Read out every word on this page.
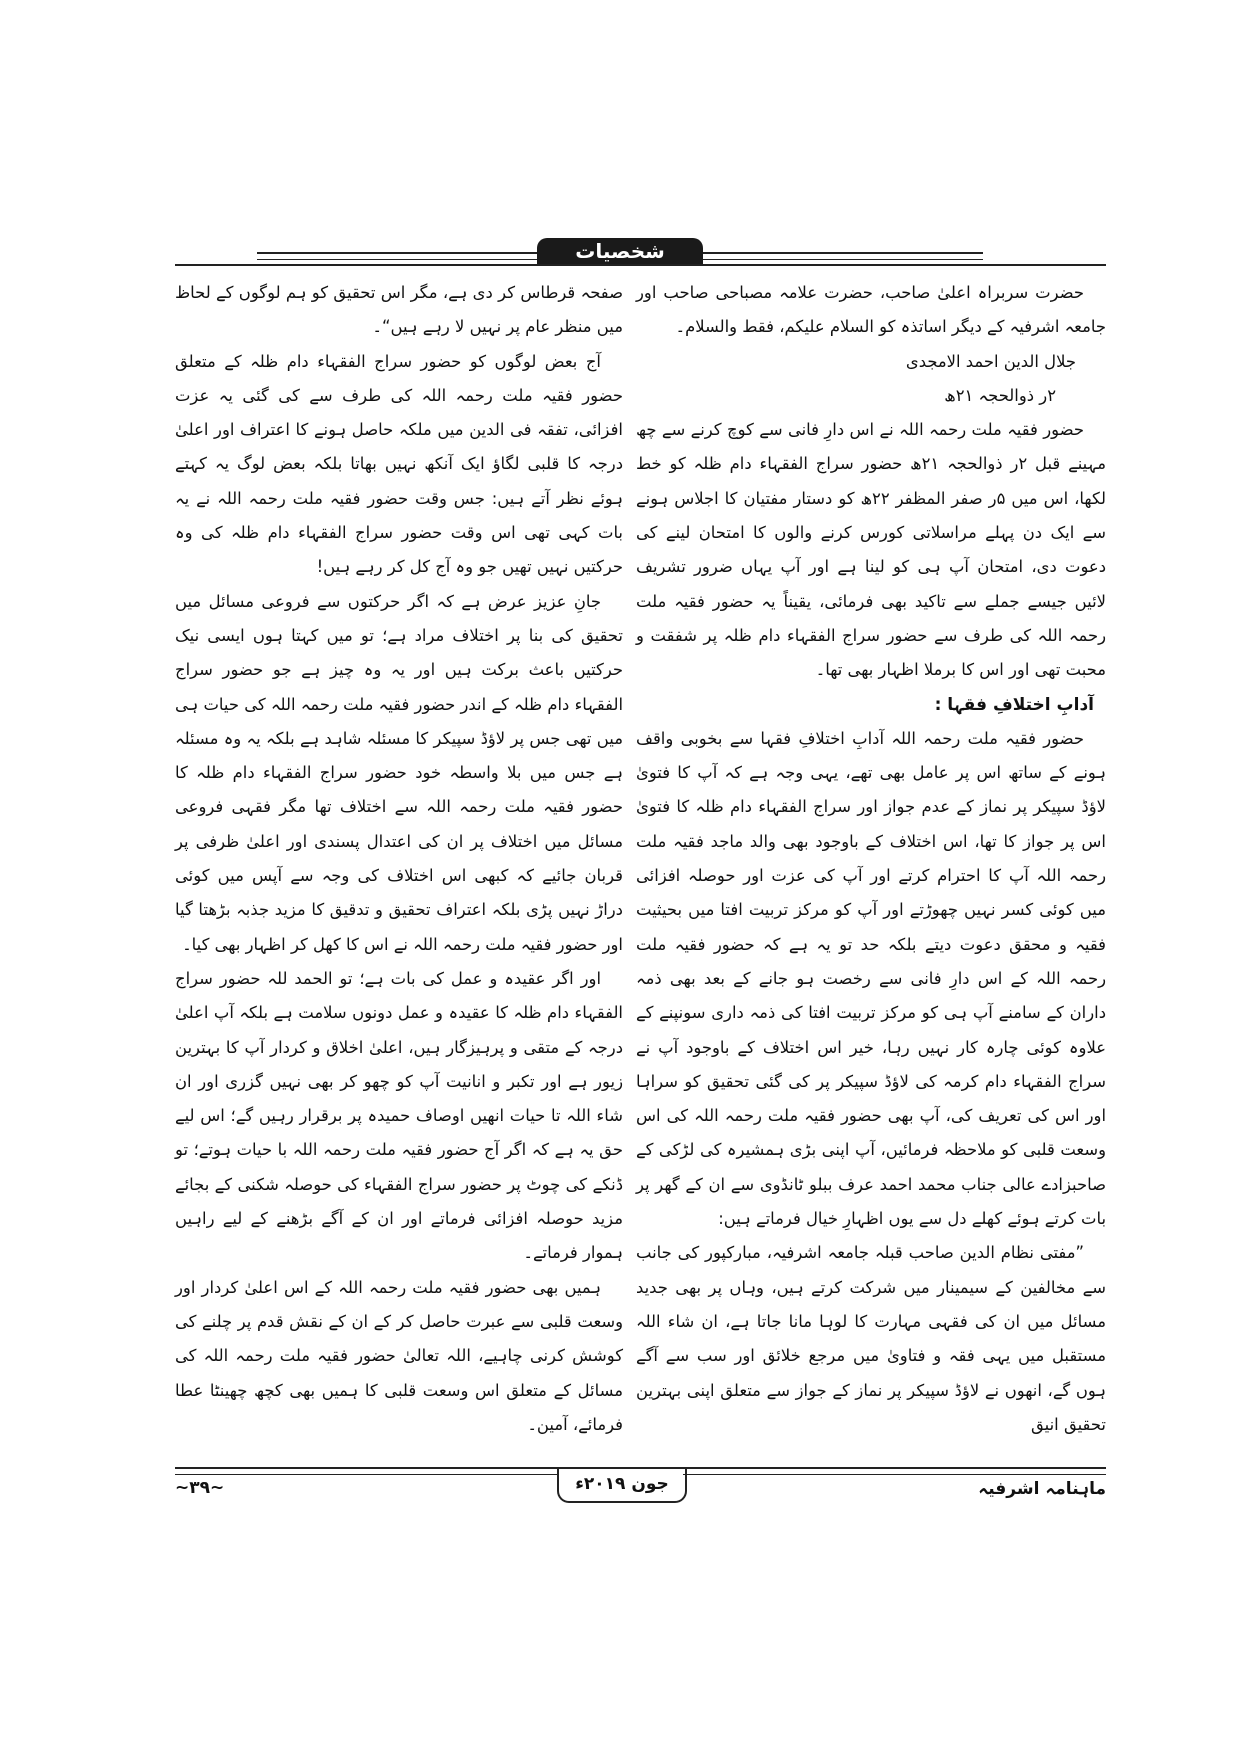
شخصیات

حضرت سربراہ اعلیٰ صاحب، حضرت علامہ مصباحی صاحب اور جامعہ اشرفیہ کے دیگر اساتذہ کو السلام علیکم، فقط والسلام۔

جلال الدین احمد الامجدی

۲ر ذوالحجہ ۲۱ھ

حضور فقیہ ملت رحمہ اللہ نے اس دارِ فانی سے کوچ کرنے سے چھ مہینے قبل ۲ر ذوالحجہ ۲۱ھ حضور سراج الفقہاء دام ظلہ کو خط لکھا، اس میں ۵ر صفر المظفر ۲۲ھ کو دستار مفتیان کا اجلاس ہونے سے ایک دن پہلے مراسلاتی کورس کرنے والوں کا امتحان لینے کی دعوت دی، امتحان آپ ہی کو لینا ہے اور آپ یہاں ضرور تشریف لائیں جیسے جملے سے تاکید بھی فرمائی، یقیناً یہ حضور فقیہ ملت رحمہ اللہ کی طرف سے حضور سراج الفقہاء دام ظلہ پر شفقت و محبت تھی اور اس کا برملا اظہار بھی تھا۔

آدابِ اختلافِ فقہا :

حضور فقیہ ملت رحمہ اللہ آدابِ اختلافِ فقہا سے بخوبی واقف ہونے کے ساتھ اس پر عامل بھی تھے، یہی وجہ ہے کہ آپ کا فتویٰ لاؤڈ سپیکر پر نماز کے عدم جواز اور سراج الفقہاء دام ظلہ کا فتویٰ اس پر جواز کا تھا، اس اختلاف کے باوجود بھی والد ماجد فقیہ ملت رحمہ اللہ آپ کا احترام کرتے اور آپ کی عزت اور حوصلہ افزائی میں کوئی کسر نہیں چھوڑتے اور آپ کو مرکز تربیت افتا میں بحیثیت فقیہ و محقق دعوت دیتے بلکہ حد تو یہ ہے کہ حضور فقیہ ملت رحمہ اللہ کے اس دارِ فانی سے رخصت ہو جانے کے بعد بھی ذمہ داران کے سامنے آپ ہی کو مرکز تربیت افتا کی ذمہ داری سونپنے کے علاوہ کوئی چارہ کار نہیں رہا، خیر اس اختلاف کے باوجود آپ نے سراج الفقہاء دام کرمہ کی لاؤڈ سپیکر پر کی گئی تحقیق کو سراہا اور اس کی تعریف کی، آپ بھی حضور فقیہ ملت رحمہ اللہ کی اس وسعت قلبی کو ملاحظہ فرمائیں، آپ اپنی بڑی ہمشیرہ کی لڑکی کے صاحبزادے عالی جناب محمد احمد عرف ببلو ٹانڈوی سے ان کے گھر پر بات کرتے ہوئے کھلے دل سے یوں اظہارِ خیال فرماتے ہیں:

”مفتی نظام الدین صاحب قبلہ جامعہ اشرفیہ، مبارکپور کی جانب سے مخالفین کے سیمینار میں شرکت کرتے ہیں، وہاں پر بھی جدید مسائل میں ان کی فقہی مہارت کا لوہا مانا جاتا ہے، ان شاء اللہ مستقبل میں یہی فقہ و فتاویٰ میں مرجع خلائق اور سب سے آگے ہوں گے، انھوں نے لاؤڈ سپیکر پر نماز کے جواز سے متعلق اپنی بہترین تحقیق انیق

صفحہ قرطاس کر دی ہے، مگر اس تحقیق کو ہم لوگوں کے لحاظ میں منظر عام پر نہیں لا رہے ہیں“۔

آج بعض لوگوں کو حضور سراج الفقہاء دام ظلہ کے متعلق حضور فقیہ ملت رحمہ اللہ کی طرف سے کی گئی یہ عزت افزائی، تفقہ فی الدین میں ملکہ حاصل ہونے کا اعتراف اور اعلیٰ درجہ کا قلبی لگاؤ ایک آنکھ نہیں بھاتا بلکہ بعض لوگ یہ کہتے ہوئے نظر آتے ہیں: جس وقت حضور فقیہ ملت رحمہ اللہ نے یہ بات کہی تھی اس وقت حضور سراج الفقہاء دام ظلہ کی وہ حرکتیں نہیں تھیں جو وہ آج کل کر رہے ہیں!

جانِ عزیز عرض ہے کہ اگر حرکتوں سے فروعی مسائل میں تحقیق کی بنا پر اختلاف مراد ہے؛ تو میں کہتا ہوں ایسی نیک حرکتیں باعث برکت ہیں اور یہ وہ چیز ہے جو حضور سراج الفقہاء دام ظلہ کے اندر حضور فقیہ ملت رحمہ اللہ کی حیات ہی میں تھی جس پر لاؤڈ سپیکر کا مسئلہ شاہد ہے بلکہ یہ وہ مسئلہ ہے جس میں بلا واسطہ خود حضور سراج الفقہاء دام ظلہ کا حضور فقیہ ملت رحمہ اللہ سے اختلاف تھا مگر فقہی فروعی مسائل میں اختلاف پر ان کی اعتدال پسندی اور اعلیٰ ظرفی پر قربان جائیے کہ کبھی اس اختلاف کی وجہ سے آپس میں کوئی دراڑ نہیں پڑی بلکہ اعتراف تحقیق و تدقیق کا مزید جذبہ بڑھتا گیا اور حضور فقیہ ملت رحمہ اللہ نے اس کا کھل کر اظہار بھی کیا۔

اور اگر عقیدہ و عمل کی بات ہے؛ تو الحمد للہ حضور سراج الفقہاء دام ظلہ کا عقیدہ و عمل دونوں سلامت ہے بلکہ آپ اعلیٰ درجہ کے متقی و پرہیزگار ہیں، اعلیٰ اخلاق و کردار آپ کا بہترین زیور ہے اور تکبر و انانیت آپ کو چھو کر بھی نہیں گزری اور ان شاء اللہ تا حیات انھیں اوصاف حمیدہ پر برقرار رہیں گے؛ اس لیے حق یہ ہے کہ اگر آج حضور فقیہ ملت رحمہ اللہ با حیات ہوتے؛ تو ڈنکے کی چوٹ پر حضور سراج الفقہاء کی حوصلہ شکنی کے بجائے مزید حوصلہ افزائی فرماتے اور ان کے آگے بڑھنے کے لیے راہیں ہموار فرماتے۔

ہمیں بھی حضور فقیہ ملت رحمہ اللہ کے اس اعلیٰ کردار اور وسعت قلبی سے عبرت حاصل کر کے ان کے نقش قدم پر چلنے کی کوشش کرنی چاہیے، اللہ تعالیٰ حضور فقیہ ملت رحمہ اللہ کی مسائل کے متعلق اس وسعت قلبی کا ہمیں بھی کچھ چھینٹا عطا فرمائے، آمین۔

جون ۲۰۱۹ء	ماہنامہ اشرفیہ
~۳۹~
